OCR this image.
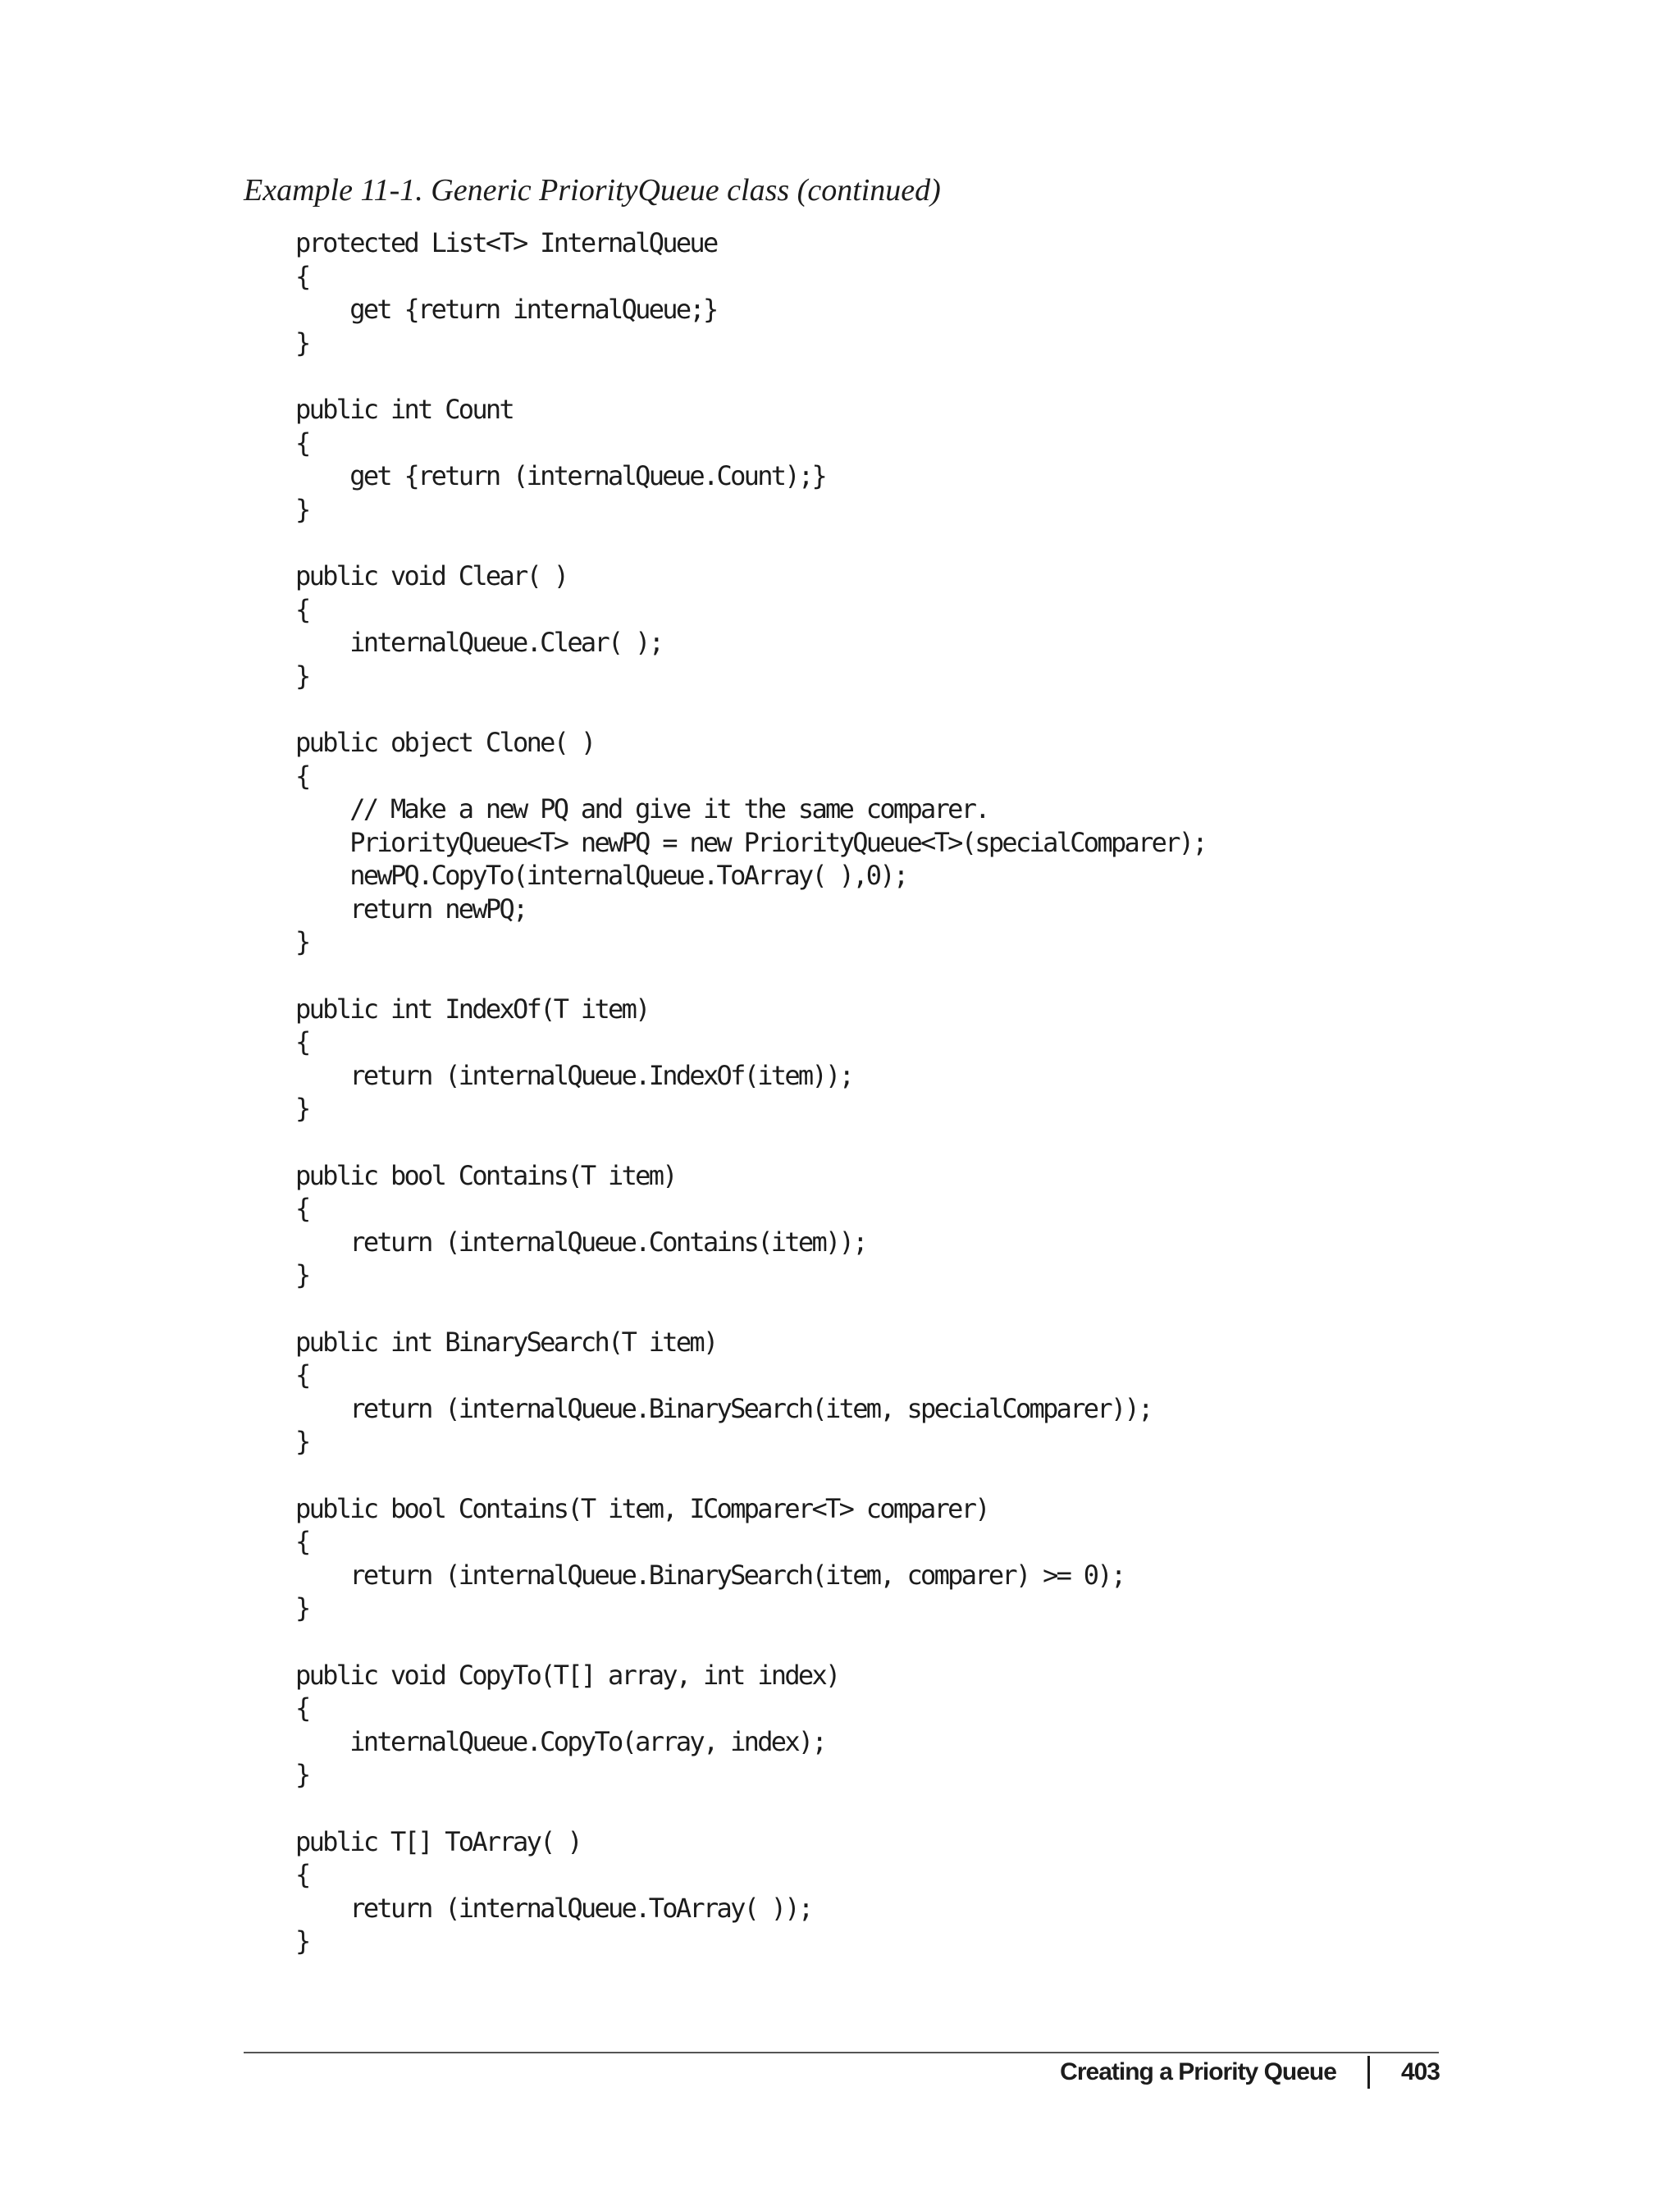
Example 11-1. Generic PriorityQueue class (continued)
protected List<T> InternalQueue
{
get {return internalQueue;}
}
public int Count
{
get {return (internalQueue.Count);}
}
public void Clear( )
{
internalQueue.Clear( );
}
public object Clone( )
{
// Make a new PQ and give it the same comparer.
PriorityQueue<T> newPQ = new PriorityQueue<T>(specialComparer);
newPQ.CopyTo(internalQueue.ToArray( ),0);
return newPQ;
}
public int IndexOf(T item)
{
return (internalQueue.IndexOf(item));
}
public bool Contains(T item)
{
return (internalQueue.Contains(item));
}
public int BinarySearch(T item)
{
return (internalQueue.BinarySearch(item, specialComparer));
}
public bool Contains(T item, IComparer<T> comparer)
{
return (internalQueue.BinarySearch(item, comparer) >= 0);
}
public void CopyTo(T[] array, int index)
{
internalQueue.CopyTo(array, index);
}
public T[] ToArray( )
{
return (internalQueue.ToArray( ));
}
Creating a Priority Queue	403
